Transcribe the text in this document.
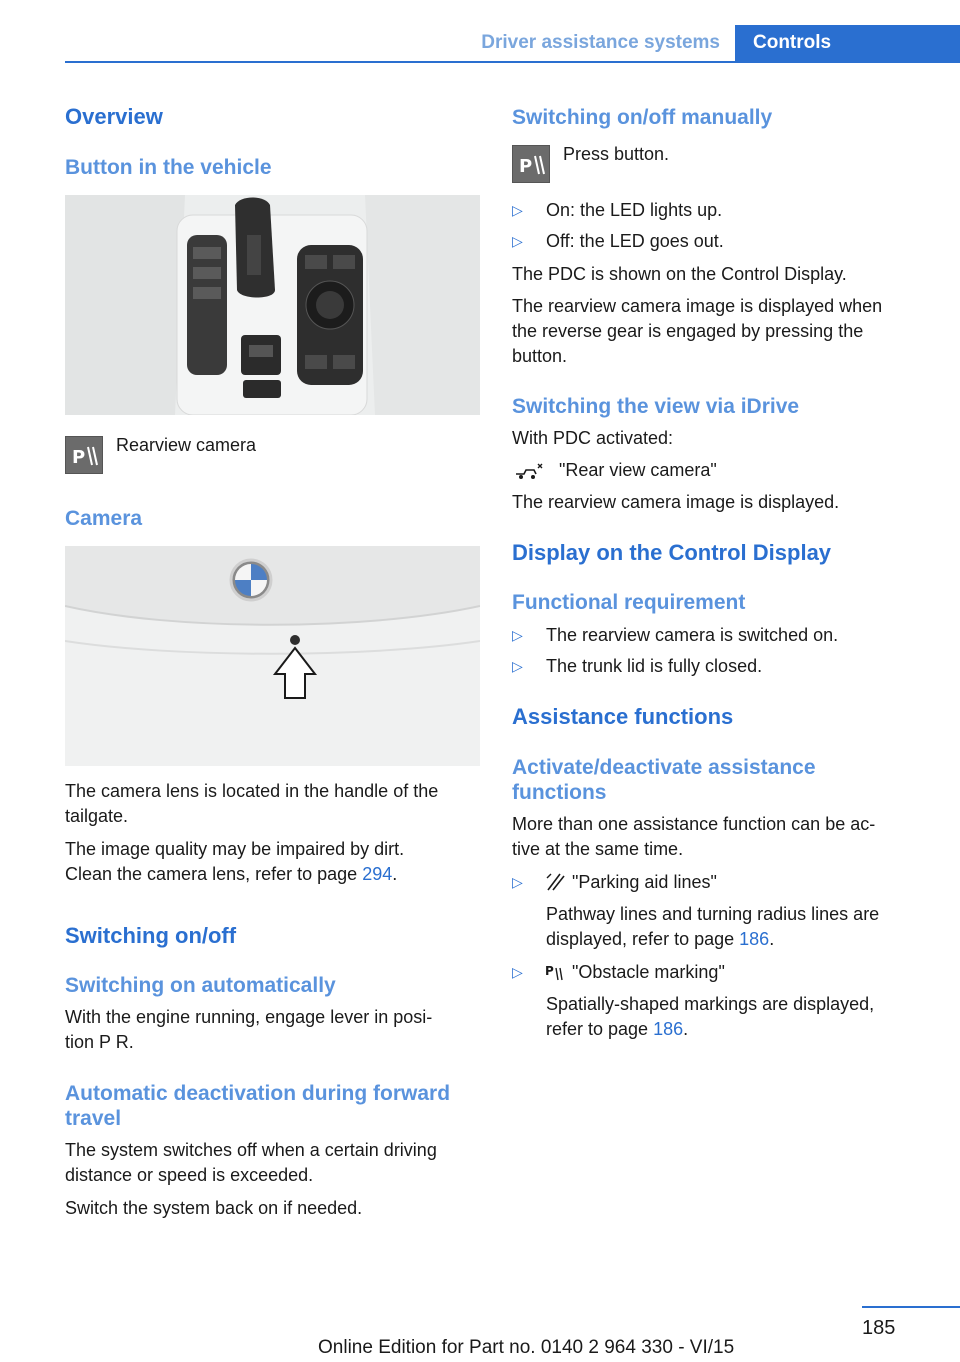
Driver assistance systems	Controls
Overview
Button in the vehicle
P
Rearview camera
Camera
The camera lens is located in the handle of the
tailgate.
The image quality may be impaired by dirt.
Clean the camera lens, refer to page 294.
Switching on/off
Switching on automatically
With the engine running, engage lever in posi‐
tion P R.
Automatic deactivation during forward
travel
The system switches off when a certain driving
distance or speed is exceeded.
Switch the system back on if needed.
Switching on/off manually
P
Press button.
▷ On: the LED lights up.
▷ Off: the LED goes out.
The PDC is shown on the Control Display.
The rearview camera image is displayed when
the reverse gear is engaged by pressing the
button.
Switching the view via iDrive
With PDC activated:
"Rear view camera"
The rearview camera image is displayed.
Display on the Control Display
Functional requirement
▷ The rearview camera is switched on.
▷ The trunk lid is fully closed.
Assistance functions
Activate/deactivate assistance
functions
More than one assistance function can be ac‐
tive at the same time.
▷	"Parking aid lines"
Pathway lines and turning radius lines are
displayed, refer to page 186.
▷ P "Obstacle marking"
Spatially-shaped markings are displayed,
refer to page 186.
185
Online Edition for Part no. 0140 2 964 330 - VI/15
